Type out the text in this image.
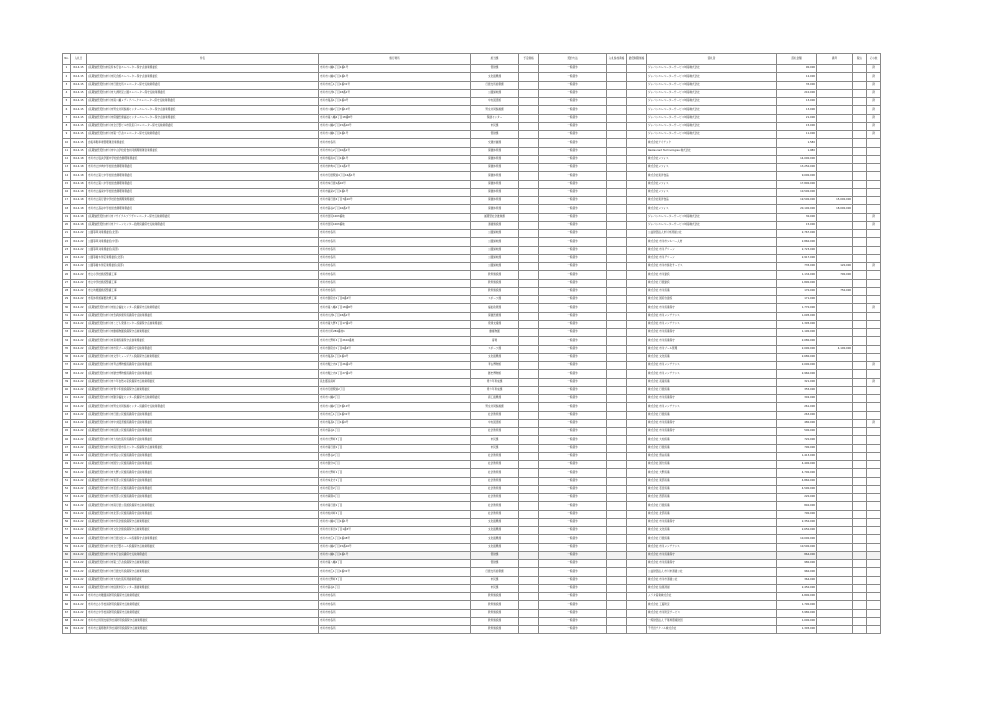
No.	入札日	件名	施行場所	担当課	予定価格	契約方法	入札参加資格	最低制限価格	落札者	落札金額	備考	税込	その他
1	R4.4.15	(長期継続契約)市役所本庁舎エレベーター保守点検業務委託	市川市八幡1丁目1番1号	管財課		一般競争			ジャパンエレベーターサービス城南株式会社	90,000			済
2	R4.4.15	(長期継続契約)市川市民会館エレベーター保守点検業務委託	市川市八幡4丁目1番1号	文化振興課		一般競争			ジャパンエレベーターサービス城南株式会社	12,000			済
3	R4.4.15	(長期継続契約)市川市行徳支所エレベーター保守点検業務委託	市川市末広1丁目1番31号	行徳支所総務課		一般競争			ジャパンエレベーターサービス城南株式会社	35,000			済
4	R4.4.15	(長期継続契約)市川市大洲防災公園エレベーター保守点検業務委託	市川市大洲1丁目18番1号	公園緑地課		一般競争			ジャパンエレベーターサービス城南株式会社	210,000			済
5	R4.4.15	(長期継続契約)市川市南八幡メディアパークエレベーター保守点検業務委託	市川市鬼高1丁目1番4号	中央図書館		一般競争			ジャパンエレベーターサービス城南株式会社	13,000			済
6	R4.4.15	(長期継続契約)市川市男女共同参画センターエレベーター保守点検業務委託	市川市八幡2丁目7番10号	男女共同参画課		一般競争			ジャパンエレベーターサービス城南株式会社	13,000			済
7	R4.4.15	(長期継続契約)市川市保健医療福祉センターエレベーター保守点検業務委託	市川市南八幡4丁目18番8号	保健センター		一般競争			ジャパンエレベーターサービス城南株式会社	21,000			済
8	R4.4.15	(長期継続契約)市川市全日警ビル市民窓口エレベーター保守点検業務委託	市川市八幡2丁目15番10号	市民課		一般競争			ジャパンエレベーターサービス城南株式会社	15,000			済
9	R4.4.15	(長期継続契約)市川市第一庁舎エレベーター保守点検業務委託	市川市八幡1丁目1番1号	管財課		一般競争			ジャパンエレベーターサービス城南株式会社	11,000			済
10	R4.4.15	自転車駐車場管理運営業務委託	市川市内各所	交通計画課		一般競争			株式会社アイテック	1,580			
11	R4.4.15	(長期継続契約)市川市中山学校給食共同調理場運営業務委託	市川市中山2丁目10番1号	保健体育課		一般競争			Restaurant Technologies 株式会社	1,980			
12	R4.4.18	市川市立塩浜学園中学校給食調理業務委託	市川市塩浜4丁目1番1号	保健体育課		一般競争			株式会社メフォス	14,000,000			
13	R4.4.18	市川市立妙典中学校給食調理業務委託	市川市妙典4丁目11番1号	保健体育課		一般競争			株式会社メフォス	13,250,000			
14	R4.4.18	市川市立第七中学校給食調理業務委託	市川市行徳駅前4丁目16番1号	保健体育課		一般競争			株式会社東洋食品	9,000,000			
15	R4.4.18	市川市立第八中学校給食調理業務委託	市川市本行徳1番10号	保健体育課		一般競争			株式会社メフォス	17,800,000			
16	R4.4.18	市川市立福栄中学校給食調理業務委託	市川市福栄2丁目1番1号	保健体育課		一般競争			株式会社メフォス	10,500,000			
17	R4.4.18	市川市立南行徳中学校給食調理業務委託	市川市南行徳4丁目7番10号	保健体育課		一般競争			株式会社東洋食品	19,500,000	15,000,000		
18	R4.4.18	市川市立高谷中学校給食調理業務委託	市川市高谷2丁目16番1号	保健体育課		一般競争			株式会社メフォス	20,100,000	18,000,000		
19	R4.4.18	(長期継続契約)市川市リサイクルプラザエレベーター保守点検業務委託	市川市田尻1003番地	循環型社会推進課		一般競争			ジャパンエレベーターサービス城南株式会社	30,000			済
20	R4.4.18	(長期継続契約)市川市クリーンセンター給湯設備保守点検業務委託	市川市田尻1003番地	清掃施設課		一般競争			ジャパンエレベーターサービス城南株式会社	15,000			済
21	R4.4.22	公園等草刈業務委託(北部)	市川市内各所	公園緑地課		一般競争			公益財団法人市川市清掃公社	2,767,000			
22	R4.4.22	公園等草刈業務委託(中部)	市川市内各所	公園緑地課		一般競争			株式会社 市川市シルバー人材	2,860,000			
23	R4.4.22	公園等草刈業務委託(南部)	市川市内各所	公園緑地課		一般競争			株式会社 市川グリーン	2,723,000			
24	R4.4.22	公園等樹木剪定業務委託(北部)	市川市内各所	公園緑地課		一般競争			株式会社 市川グリーン	2,917,000			
25	R4.4.22	公園等樹木剪定業務委託(南部)	市川市内各所	公園緑地課		一般競争			株式会社 市川市緑化サービス	735,000	120,000		済
26	R4.4.22	市立小学校施設整備工事	市川市内各所	教育施設課		一般競争			株式会社 市川建設	1,134,000	790,000		
27	R4.4.22	市立中学校施設整備工事	市川市内各所	教育施設課		一般競争			株式会社 行徳建設	1,890,000			
28	R4.4.22	市立幼稚園施設整備工事	市川市内各所	教育施設課		一般競争			株式会社 市川設備	170,000	750,000		
29	R4.4.22	市民体育館屋根改修工事	市川市国府台1丁目6番4号	スポーツ課		一般競争			株式会社 国府台建設	171,000			
30	R4.4.22	(長期継続契約)市川市総合福祉センター設備保守点検業務委託	市川市南八幡4丁目18番8号	福祉政策課		一般競争			株式会社 市川設備保守	1,770,000			済
31	R4.4.22	(長期継続契約)市川市急病診療所設備保守点検業務委託	市川市大洲1丁目18番1号	保健医療課		一般競争			株式会社 市川メンテナンス	1,095,000			
32	R4.4.22	(長期継続契約)市川市こども発達センター設備保守点検業務委託	市川市南大野3丁目17番1号	発達支援課		一般競争			株式会社 市川メンテナンス	1,395,000			
33	R4.4.22	(長期継続契約)市川市動植物園設備保守点検業務委託	市川市大町284番地1	動植物園		一般競争			株式会社 市川設備保守	1,190,000			
34	R4.4.22	(長期継続契約)市川市斎場設備保守点検業務委託	市川市大野町4丁目2610番地	斎場		一般競争			株式会社 市川設備保守	2,080,000			
35	R4.4.22	(長期継続契約)市川市市民プール設備保守点検業務委託	市川市国府台1丁目6番4号	スポーツ課		一般競争			株式会社 市川プール管理	2,090,000	4,100,000		
36	R4.4.22	(長期継続契約)市川市文学ミュージアム設備保守点検業務委託	市川市鬼高1丁目1番4号	文化振興課		一般競争			株式会社 文化設備	2,680,000			
37	R4.4.22	(長期継続契約)市川市考古博物館設備保守点検業務委託	市川市堀之内2丁目26番1号	考古博物館		一般競争			株式会社 市川メンテナンス	2,000,000			済
38	R4.4.22	(長期継続契約)市川市歴史博物館設備保守点検業務委託	市川市堀之内2丁目27番1号	歴史博物館		一般競争			株式会社 市川メンテナンス	2,960,000			
39	R4.4.22	(長期継続契約)市川市少年自然の家設備保守点検業務委託	長生郡長南町	青少年育成課		一般競争			株式会社 長南設備	321,000			済
40	R4.4.22	(長期継続契約)市川市青少年館設備保守点検業務委託	市川市行徳駅前2丁目	青少年育成課		一般競争			株式会社 行徳設備	355,000			
41	R4.4.22	(長期継続契約)市川市勤労福祉センター設備保守点検業務委託	市川市八幡2丁目	商工振興課		一般競争			株式会社 市川設備保守	302,000			
42	R4.4.22	(長期継続契約)市川市男女共同参画センター設備保守点検業務委託	市川市八幡2丁目7番10号	男女共同参画課		一般競争			株式会社 市川メンテナンス	261,000			
43	R4.4.22	(長期継続契約)市川市行徳公民館設備保守点検業務委託	市川市末広1丁目1番31号	社会教育課		一般競争			株式会社 行徳設備	263,000			
44	R4.4.22	(長期継続契約)市川市中央図書館設備保守点検業務委託	市川市鬼高1丁目1番4号	中央図書館		一般競争			株式会社 市川設備保守	480,000			済
45	R4.4.22	(長期継続契約)市川市信篤公民館設備保守点検業務委託	市川市高谷1丁目	社会教育課		一般競争			株式会社 市川設備保守	500,000			
46	R4.4.22	(長期継続契約)市川市大柏出張所設備保守点検業務委託	市川市大野町3丁目	市民課		一般競争			株式会社 大柏設備	720,000			
47	R4.4.22	(長期継続契約)市川市南行徳市民センター設備保守点検業務委託	市川市南行徳1丁目	市民課		一般競争			株式会社 行徳設備	790,000			
48	R4.4.22	(長期継続契約)市川市曽谷公民館設備保守点検業務委託	市川市曽谷2丁目	社会教育課		一般競争			株式会社 曽谷設備	1,413,000			
49	R4.4.22	(長期継続契約)市川市国分公民館設備保守点検業務委託	市川市国分4丁目	社会教育課		一般競争			株式会社 国分設備	4,400,000			
50	R4.4.22	(長期継続契約)市川市大野公民館設備保守点検業務委託	市川市大野町1丁目	社会教育課		一般競争			株式会社 大野設備	4,700,000			
51	R4.4.22	(長期継続契約)市川市東部公民館設備保守点検業務委託	市川市本北方1丁目	社会教育課		一般競争			株式会社 東部設備	4,860,000			
52	R4.4.22	(長期継続契約)市川市若宮公民館設備保守点検業務委託	市川市若宮2丁目	社会教育課		一般競争			株式会社 若宮設備	4,590,000			
53	R4.4.22	(長期継続契約)市川市西部公民館設備保守点検業務委託	市川市真間4丁目	社会教育課		一般競争			株式会社 西部設備	220,000			
54	R4.4.22	(長期継続契約)市川市南行徳公民館設備保守点検業務委託	市川市南行徳1丁目	社会教育課		一般競争			株式会社 行徳設備	840,000			
55	R4.4.22	(長期継続契約)市川市北部公民館設備保守点検業務委託	市川市柏井町2丁目	社会教育課		一般競争			株式会社 北部設備	790,000			
56	R4.4.22	(長期継続契約)市川市市民会館設備保守点検業務委託	市川市八幡4丁目1番1号	文化振興課		一般競争			株式会社 市川設備保守	2,350,000			
57	R4.4.22	(長期継続契約)市川市文化会館設備保守点検業務委託	市川市大和田1丁目1番5号	文化振興課		一般競争			株式会社 文化設備	2,650,000			
58	R4.4.22	(長期継続契約)市川市行徳文化ホール設備保守点検業務委託	市川市末広1丁目1番48号	文化振興課		一般競争			株式会社 行徳設備	10,000,000			
59	R4.4.22	(長期継続契約)市川市全日警ホール設備保守点検業務委託	市川市八幡2丁目15番10号	文化振興課		一般競争			株式会社 市川メンテナンス	10,500,000			
60	R4.4.22	(長期継続契約)市川市本庁舎設備保守点検業務委託	市川市八幡1丁目1番1号	管財課		一般競争			株式会社 市川設備保守	864,000			
61	R4.4.22	(長期継続契約)市川市第二庁舎設備保守点検業務委託	市川市南八幡2丁目	管財課		一般競争			株式会社 市川設備保守	980,000			
62	R4.4.22	(長期継続契約)市川市行徳支所設備保守点検業務委託	市川市末広1丁目1番31号	行徳支所総務課		一般競争			公益財団法人 市川市清掃公社	960,000			
63	R4.4.22	(長期継続契約)市川市大柏出張所清掃業務委託	市川市大野町3丁目	市民課		一般競争			株式会社 市川市清掃公社	364,000			
64	R4.4.22	(長期継続契約)市川市信篤市民センター清掃業務委託	市川市高谷1丁目	市民課		一般競争			株式会社 信篤清掃	2,450,000			
65	R4.4.22	市川市立幼稚園消防用設備保守点検業務委託	市川市内各所	教育施設課		一般競争			ムラタ産業株式会社	4,800,000			
66	R4.4.22	市川市立小学校消防用設備保守点検業務委託	市川市内各所	教育施設課		一般競争			株式会社 工藤防災	1,790,000			
67	R4.4.22	市川市立中学校消防用設備保守点検業務委託	市川市内各所	教育施設課		一般競争			株式会社 市川防災サービス	3,980,000			
68	R4.4.22	市川市立特別支援学校消防用設備保守点検業務委託	市川市内各所	教育施設課		一般競争			一般財団法人 千葉県環境財団	1,000,000			
69	R4.4.22	市川市立義務教育学校消防用設備保守点検業務委託	市川市内各所	教育施設課		一般競争			千代田テクノル株式会社	1,305,000			
